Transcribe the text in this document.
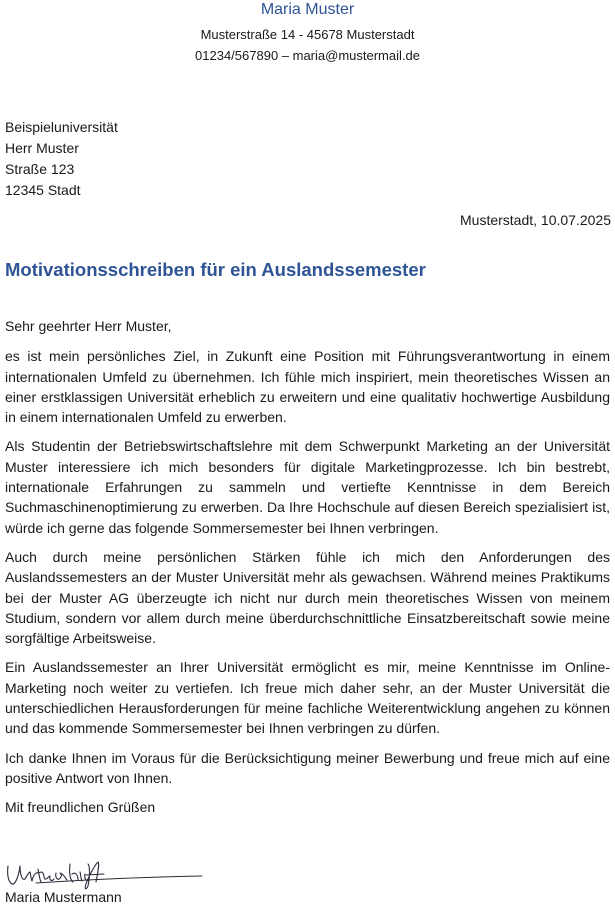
Maria Muster
Musterstraße 14 - 45678 Musterstadt
01234/567890 – maria@mustermail.de
Beispieluniversität
Herr Muster
Straße 123
12345 Stadt
Musterstadt, 10.07.2025
Motivationsschreiben für ein Auslandssemester

Sehr geehrter Herr Muster,

es ist mein persönliches Ziel, in Zukunft eine Position mit Führungsverantwortung in einem internationalen Umfeld zu übernehmen. Ich fühle mich inspiriert, mein theoretisches Wissen an einer erstklassigen Universität erheblich zu erweitern und eine qualitativ hochwertige Ausbildung in einem internationalen Umfeld zu erwerben.

Als Studentin der Betriebswirtschaftslehre mit dem Schwerpunkt Marketing an der Universität Muster interessiere ich mich besonders für digitale Marketingprozesse. Ich bin bestrebt, internationale Erfahrungen zu sammeln und vertiefte Kenntnisse in dem Bereich Suchmaschinenoptimierung zu erwerben. Da Ihre Hochschule auf diesen Bereich spezialisiert ist, würde ich gerne das folgende Sommersemester bei Ihnen verbringen.

Auch durch meine persönlichen Stärken fühle ich mich den Anforderungen des Auslandssemesters an der Muster Universität mehr als gewachsen. Während meines Praktikums bei der Muster AG überzeugte ich nicht nur durch mein theoretisches Wissen von meinem Studium, sondern vor allem durch meine überdurchschnittliche Einsatzbereitschaft sowie meine sorgfältige Arbeitsweise.

Ein Auslandssemester an Ihrer Universität ermöglicht es mir, meine Kenntnisse im Online-Marketing noch weiter zu vertiefen. Ich freue mich daher sehr, an der Muster Universität die unterschiedlichen Herausforderungen für meine fachliche Weiterentwicklung angehen zu können und das kommende Sommersemester bei Ihnen verbringen zu dürfen.

Ich danke Ihnen im Voraus für die Berücksichtigung meiner Bewerbung und freue mich auf eine positive Antwort von Ihnen.

Mit freundlichen Grüßen

Maria Mustermann
